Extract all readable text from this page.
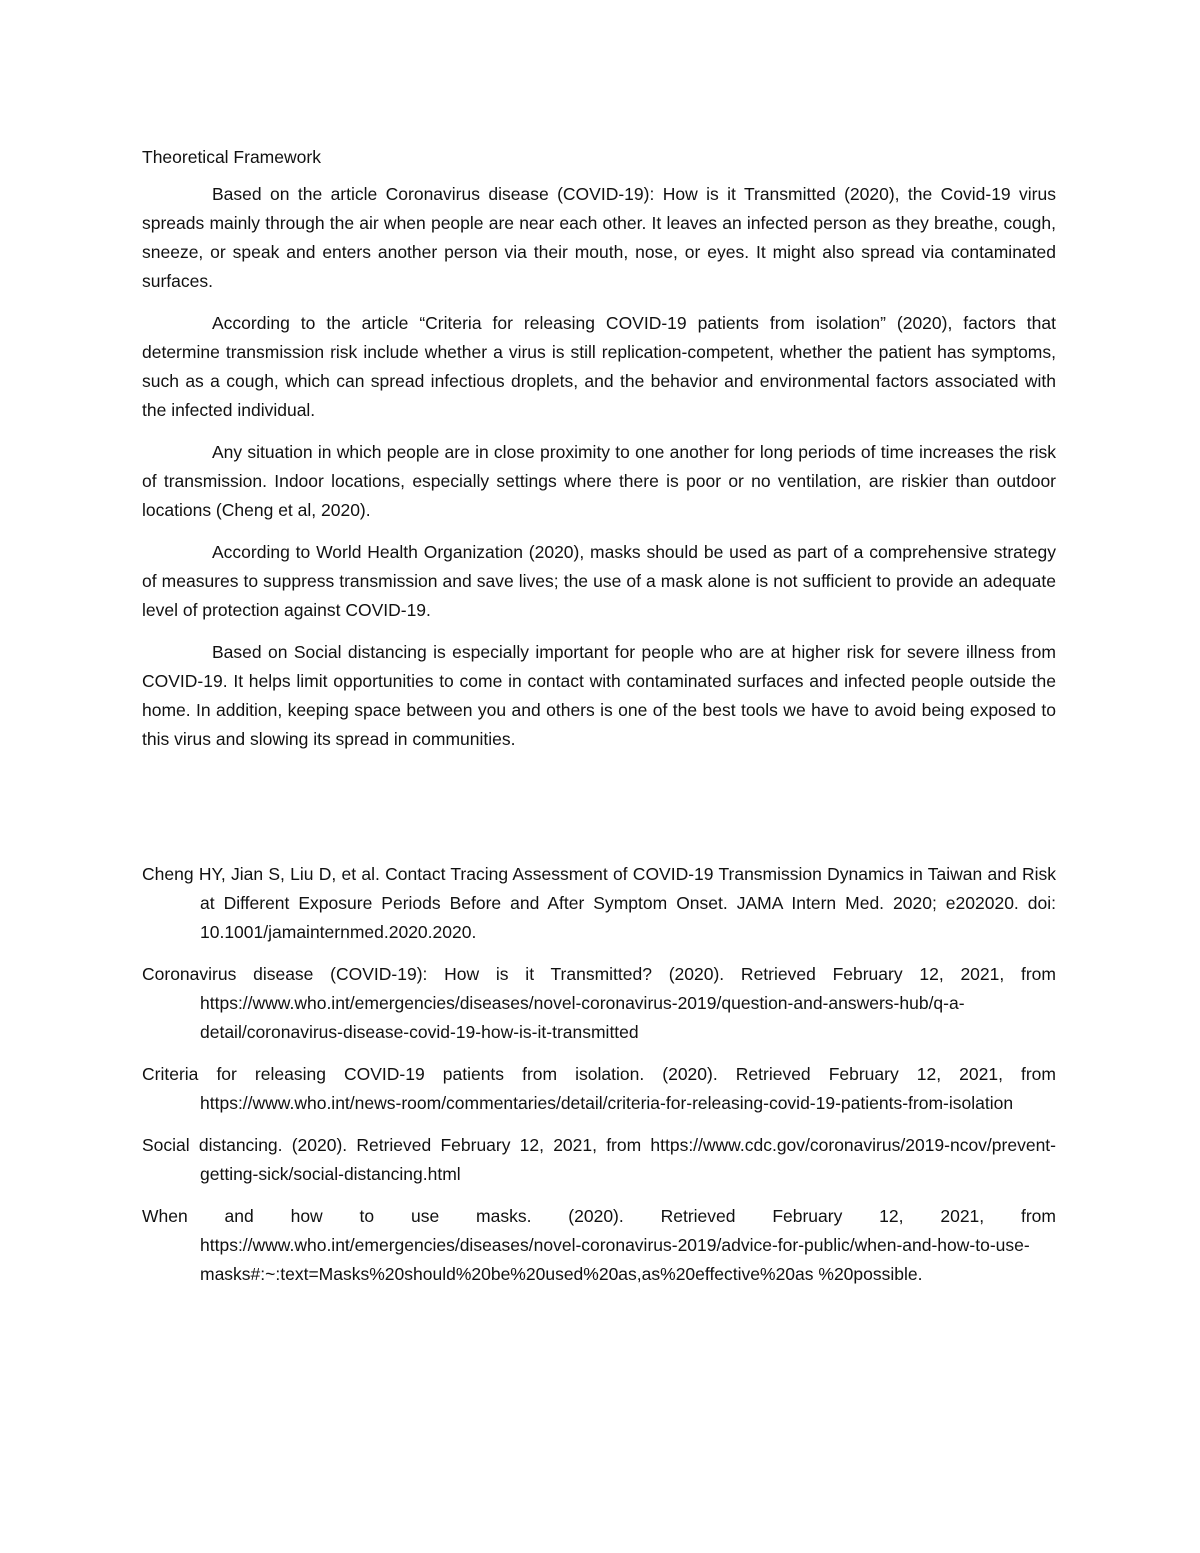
Theoretical Framework

Based on the article Coronavirus disease (COVID-19): How is it Transmitted (2020), the Covid-19 virus spreads mainly through the air when people are near each other. It leaves an infected person as they breathe, cough, sneeze, or speak and enters another person via their mouth, nose, or eyes. It might also spread via contaminated surfaces.

According to the article “Criteria for releasing COVID-19 patients from isolation” (2020), factors that determine transmission risk include whether a virus is still replication-competent, whether the patient has symptoms, such as a cough, which can spread infectious droplets, and the behavior and environmental factors associated with the infected individual.

Any situation in which people are in close proximity to one another for long periods of time increases the risk of transmission. Indoor locations, especially settings where there is poor or no ventilation, are riskier than outdoor locations (Cheng et al, 2020).

According to World Health Organization (2020), masks should be used as part of a comprehensive strategy of measures to suppress transmission and save lives; the use of a mask alone is not sufficient to provide an adequate level of protection against COVID-19.

Based on Social distancing is especially important for people who are at higher risk for severe illness from COVID-19. It helps limit opportunities to come in contact with contaminated surfaces and infected people outside the home. In addition, keeping space between you and others is one of the best tools we have to avoid being exposed to this virus and slowing its spread in communities.

Cheng HY, Jian S, Liu D, et al. Contact Tracing Assessment of COVID-19 Transmission Dynamics in Taiwan and Risk at Different Exposure Periods Before and After Symptom Onset. JAMA Intern Med. 2020; e202020. doi: 10.1001/jamainternmed.2020.2020.

Coronavirus disease (COVID-19): How is it Transmitted? (2020). Retrieved February 12, 2021, from https://www.who.int/emergencies/diseases/novel-coronavirus-2019/question-and-answers-hub/q-a-detail/coronavirus-disease-covid-19-how-is-it-transmitted

Criteria for releasing COVID-19 patients from isolation. (2020). Retrieved February 12, 2021, from https://www.who.int/news-room/commentaries/detail/criteria-for-releasing-covid-19-patients-from-isolation

Social distancing. (2020). Retrieved February 12, 2021, from https://www.cdc.gov/coronavirus/2019-ncov/prevent-getting-sick/social-distancing.html

When and how to use masks. (2020). Retrieved February 12, 2021, from https://www.who.int/emergencies/diseases/novel-coronavirus-2019/advice-for-public/when-and-how-to-use-masks#:~:text=Masks%20should%20be%20used%20as,as%20effective%20as %20possible.
